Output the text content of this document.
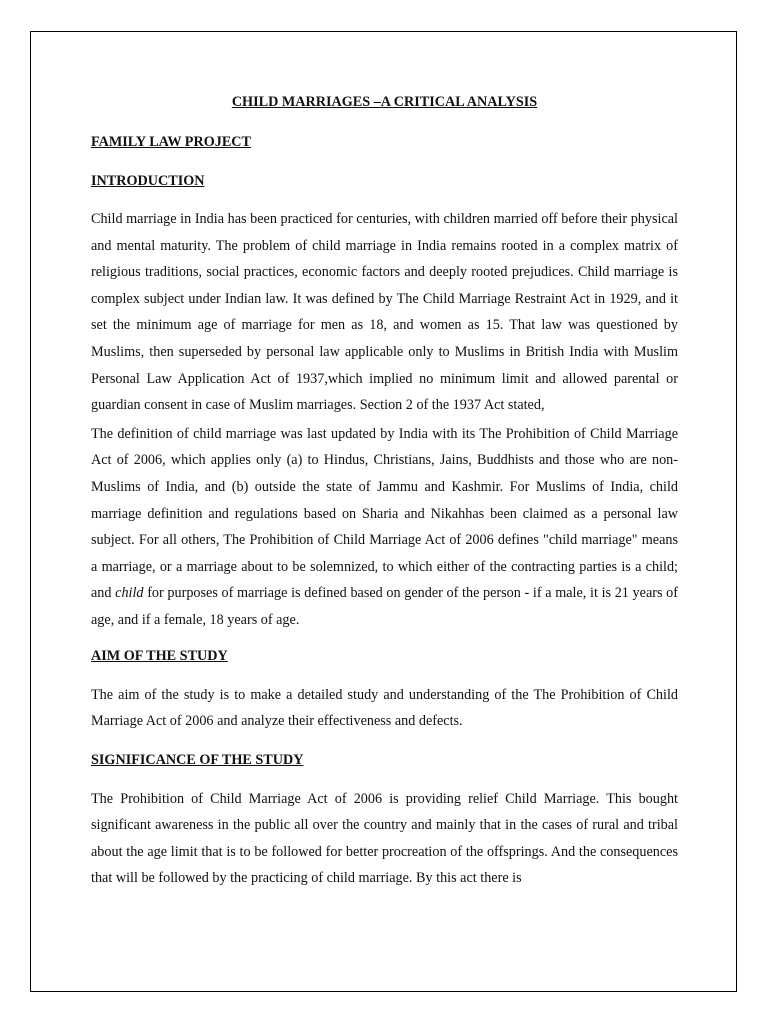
CHILD MARRIAGES –A CRITICAL ANALYSIS
FAMILY LAW PROJECT
INTRODUCTION

Child marriage in India has been practiced for centuries, with children married off before their physical and mental maturity. The problem of child marriage in India remains rooted in a complex matrix of religious traditions, social practices, economic factors and deeply rooted prejudices. Child marriage is complex subject under Indian law. It was defined by The Child Marriage Restraint Act in 1929, and it set the minimum age of marriage for men as 18, and women as 15. That law was questioned by Muslims, then superseded by personal law applicable only to Muslims in British India with Muslim Personal Law Application Act of 1937,which implied no minimum limit and allowed parental or guardian consent in case of Muslim marriages. Section 2 of the 1937 Act stated,

The definition of child marriage was last updated by India with its The Prohibition of Child Marriage Act of 2006, which applies only (a) to Hindus, Christians, Jains, Buddhists and those who are non-Muslims of India, and (b) outside the state of Jammu and Kashmir. For Muslims of India, child marriage definition and regulations based on Sharia and Nikahhas been claimed as a personal law subject. For all others, The Prohibition of Child Marriage Act of 2006 defines "child marriage" means a marriage, or a marriage about to be solemnized, to which either of the contracting parties is a child; and child for purposes of marriage is defined based on gender of the person - if a male, it is 21 years of age, and if a female, 18 years of age.

AIM OF THE STUDY

The aim of the study is to make a detailed study and understanding of the The Prohibition of Child Marriage Act of 2006 and analyze their effectiveness and defects.

SIGNIFICANCE OF THE STUDY

The Prohibition of Child Marriage Act of 2006 is providing relief Child Marriage. This bought significant awareness in the public all over the country and mainly that in the cases of rural and tribal about the age limit that is to be followed for better procreation of the offsprings. And the consequences that will be followed by the practicing of child marriage. By this act there is
